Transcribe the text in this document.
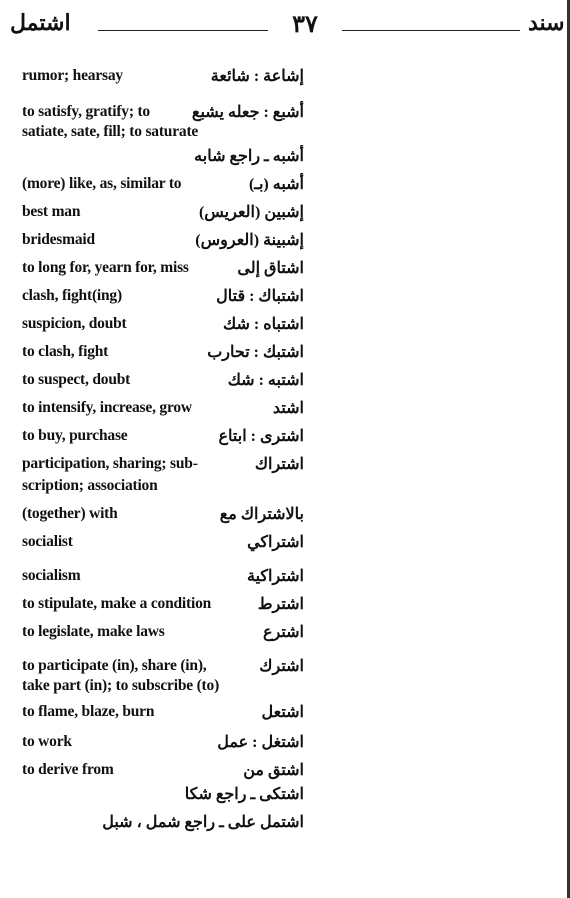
اشتمل	٣٧	سند
rumor; hearsay	إشاعة : شائعة
to satisfy, gratify; to	أشبع : جعله يشبع
satiate, sate, fill; to saturate
أشبه ـ راجع شابه
(more) like, as, similar to	أشبه (بـ)
best man	إشبين (العريس)
bridesmaid	إشبينة (العروس)
to long for, yearn for, miss	اشتاق إلى
clash, fight(ing)	اشتباك : قتال
suspicion, doubt	اشتباه : شك
to clash, fight	اشتبك : تحارب
to suspect, doubt	اشتبه : شك
to intensify, increase, grow	اشتد
to buy, purchase	اشترى : ابتاع
participation, sharing; sub-	اشتراك
scription; association
(together) with	بالاشتراك مع
socialist	اشتراكي
socialism	اشتراكية
to stipulate, make a condition	اشترط
to legislate, make laws	اشترع
to participate (in), share (in),	اشترك
take part (in); to subscribe (to)
to flame, blaze, burn	اشتعل
to work	اشتغل : عمل
to derive from	اشتق من
اشتكى ـ راجع شكا
اشتمل على ـ راجع شمل ، شبل
